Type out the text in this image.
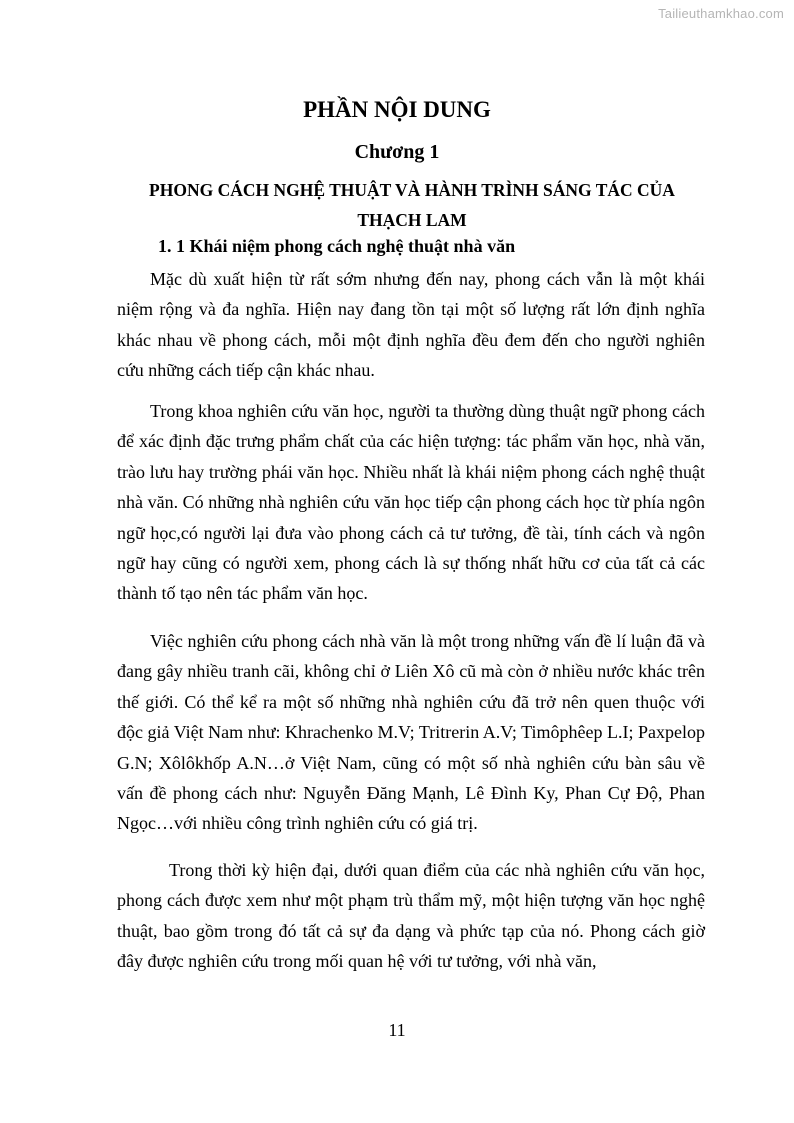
Tailieuthamkhao.com
PHẦN NỘI DUNG
Chương 1
PHONG CÁCH NGHỆ THUẬT VÀ HÀNH TRÌNH SÁNG TÁC CỦA
THẠCH LAM
1. 1 Khái niệm phong cách nghệ thuật nhà văn

Mặc dù xuất hiện từ rất sớm nhưng đến nay, phong cách vẫn là một khái niệm rộng và đa nghĩa. Hiện nay đang tồn tại một số lượng rất lớn định nghĩa khác nhau về phong cách, mỗi một định nghĩa đều đem đến cho người nghiên cứu những cách tiếp cận khác nhau.

Trong khoa nghiên cứu văn học, người ta thường dùng thuật ngữ phong cách để xác định đặc trưng phẩm chất của các hiện tượng: tác phẩm văn học, nhà văn, trào lưu hay trường phái văn học. Nhiều nhất là khái niệm phong cách nghệ thuật nhà văn. Có những nhà nghiên cứu văn học tiếp cận phong cách học từ phía ngôn ngữ học,có người lại đưa vào phong cách cả tư tưởng, đề tài, tính cách và ngôn ngữ hay cũng có người xem, phong cách là sự thống nhất hữu cơ của tất cả các thành tố tạo nên tác phẩm văn học.

Việc nghiên cứu phong cách nhà văn là một trong những vấn đề lí luận đã và đang gây nhiều tranh cãi, không chỉ ở Liên Xô cũ mà còn ở nhiều nước khác trên thế giới. Có thể kể ra một số những nhà nghiên cứu đã trở nên quen thuộc với độc giả Việt Nam như: Khrachenko M.V; Tritrerin A.V; Timôphêep L.I; Paxpelop G.N; Xôlôkhốp A.N…ở Việt Nam, cũng có một số nhà nghiên cứu bàn sâu về vấn đề phong cách như: Nguyễn Đăng Mạnh, Lê Đình Ky, Phan Cự Độ, Phan Ngọc…với nhiều công trình nghiên cứu có giá trị.

Trong thời kỳ hiện đại, dưới quan điểm của các nhà nghiên cứu văn học, phong cách được xem như một phạm trù thẩm mỹ, một hiện tượng văn học nghệ thuật, bao gồm trong đó tất cả sự đa dạng và phức tạp của nó. Phong cách giờ đây được nghiên cứu trong mối quan hệ với tư tưởng, với nhà văn,

11
